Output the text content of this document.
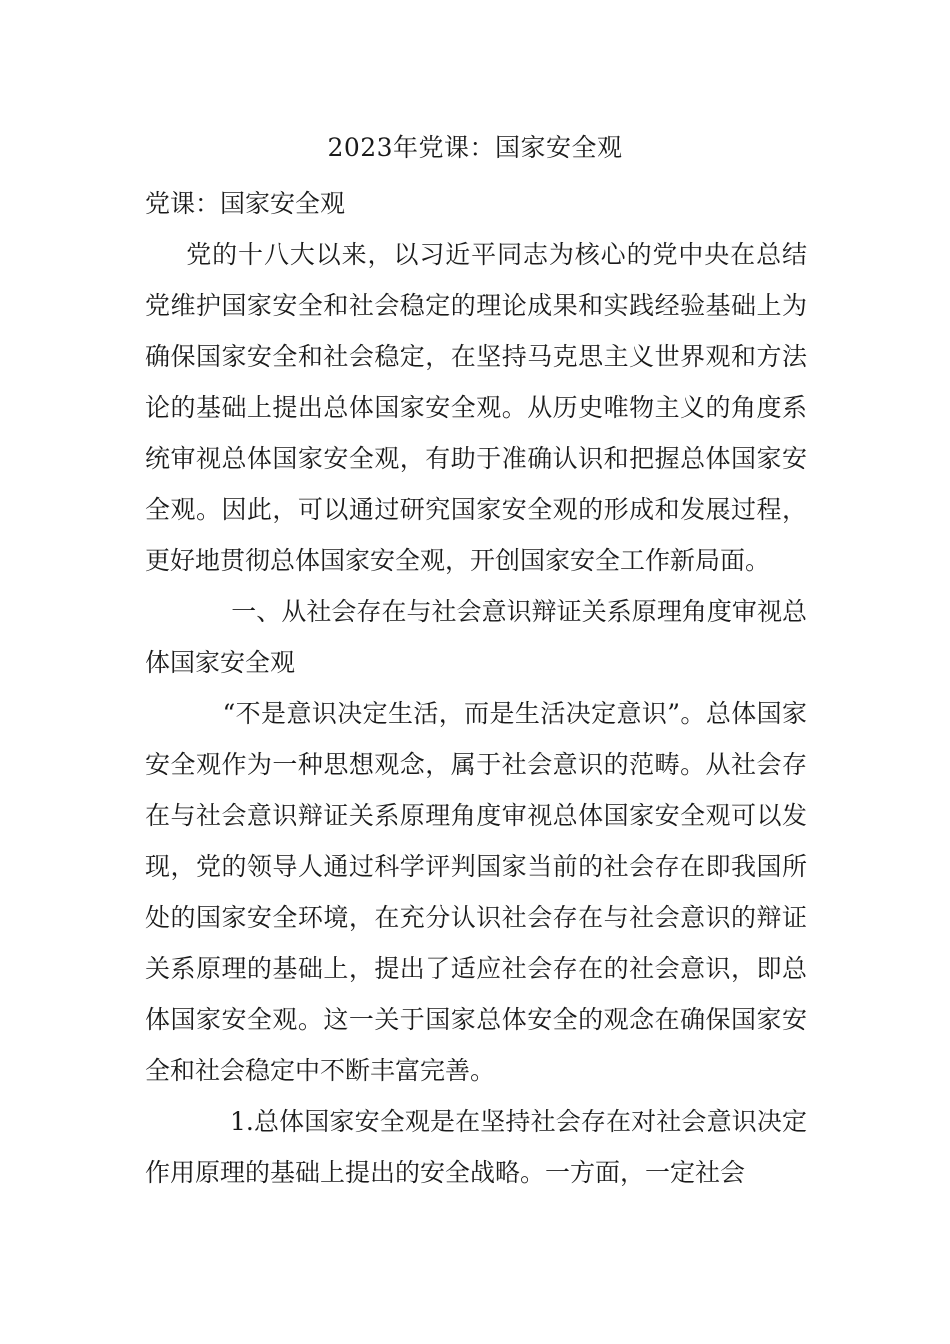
2023年党课：国家安全观

党课：国家安全观

党的十八大以来，以习近平同志为核心的党中央在总结党维护国家安全和社会稳定的理论成果和实践经验基础上为确保国家安全和社会稳定，在坚持马克思主义世界观和方法论的基础上提出总体国家安全观。从历史唯物主义的角度系统审视总体国家安全观，有助于准确认识和把握总体国家安全观。因此，可以通过研究国家安全观的形成和发展过程，更好地贯彻总体国家安全观，开创国家安全工作新局面。

一、从社会存在与社会意识辩证关系原理角度审视总体国家安全观

“不是意识决定生活，而是生活决定意识”。总体国家安全观作为一种思想观念，属于社会意识的范畴。从社会存在与社会意识辩证关系原理角度审视总体国家安全观可以发现，党的领导人通过科学评判国家当前的社会存在即我国所处的国家安全环境，在充分认识社会存在与社会意识的辩证关系原理的基础上，提出了适应社会存在的社会意识，即总体国家安全观。这一关于国家总体安全的观念在确保国家安全和社会稳定中不断丰富完善。

1.总体国家安全观是在坚持社会存在对社会意识决定作用原理的基础上提出的安全战略。一方面，一定社会
